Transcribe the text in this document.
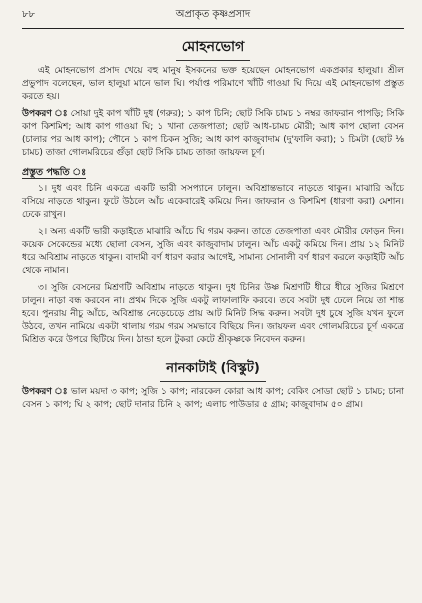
৮৮	অপ্রাকৃত কৃষ্ণপ্রসাদ
মোহনভোগ

এই মোহনভোগ প্রসাদ খেয়ে বহু মানুষ ইসকনের ভক্ত হয়েছেন মোহনভোগ একপ্রকার হালুয়া। শ্রীল প্রভুপাদ বলেছেন, ভাল হালুয়া মানে ভাল ঘি। পর্যাপ্ত পরিমাণে খাঁটি গাওয়া ঘি দিয়ে এই মোহনভোগ প্রস্তুত করতে হয়।

উপকরণ ঃ সোয়া দুই কাপ খাঁটি দুধ (গরুর); ১ কাপ চিনি; ছোট সিকি চামচ ১ নম্বর জাফরান পাপড়ি; সিকি কাপ কিশমিশ; আধ কাপ গাওয়া ঘি; ১ খানা তেজপাতা; ছোট আধ-চামচ মৌরী; আধ কাপ ছোলা বেসন (চালার পর আধ কাপ); পৌনে ১ কাপ চিকন সুজি; আধ কাপ কাজুবাদাম (দু'ফালি করা); ১ চিমটা (ছোট ⅛ চামচ) তাজা গোলমরিচের গুঁড়া ছোট সিকি চামচ তাজা জায়ফল চূর্ণ।

প্রস্তুত পদ্ধতি ঃ

১। দুধ এবং চিনি একত্রে একটি ভারী সসপ্যানে ঢালুন। অবিশ্রান্তভাবে নাড়তে থাকুন। মাঝারি আঁচে বসিয়ে নাড়তে থাকুন। ফুটে উঠলে আঁচ একেবারেই কমিয়ে দিন। জাফরান ও কিশমিশ (ধারণা করা) মেশান। ঢেকে রাখুন।

২। অন্য একটি ভারী কড়াইতে মাঝারি আঁচে ঘি গরম করুন। তাতে তেজপাতা এবং মৌরীর ফোড়ন দিন। কয়েক সেকেন্ডের মধ্যে ছোলা বেসন, সুজি এবং কাজুবাদাম ঢালুন। আঁচ একটু কমিয়ে দিন। প্রায় ১২ মিনিট ধরে অবিশ্রাম নাড়তে থাকুন। বাদামী বর্ণ ধারণ করার আগেই, সামান্য সোনালী বর্ণ ধারণ করলে কড়াইটি আঁচ থেকে নামান।

৩। সুজি বেসনের মিশ্রণটি অবিশ্রাম নাড়তে থাকুন। দুধ চিনির উষ্ণ মিশ্রণটি ধীরে ধীরে সুজির মিশ্রণে ঢালুন। নাড়া বন্ধ করবেন না। প্রথম দিকে সুজি একটু লাফালাফি করবে। তবে সবটা দুধ ঢেলে নিয়ে তা শান্ত হবে। পুনরায় নীচু আঁচে, অবিশ্রান্ত নেড়েচেড়ে প্রায় আট মিনিট সিদ্ধ করুন। সবটা দুধ চুষে সুজি যখন ফুলে উঠবে, তখন নামিয়ে একটা থালায় গরম গরম সমভাবে বিছিয়ে দিন। জায়ফল এবং গোলমরিচের চূর্ণ একত্রে মিশ্রিত করে উপরে ছিটিয়ে দিন। ঠান্ডা হলে টুকরা কেটে শ্রীকৃষ্ণকে নিবেদন করুন।

নানকাটাই (বিস্কুট)

উপকরণ ঃ ভাল ময়দা ৩ কাপ; সুজি ১ কাপ; নারকেল কোরা আধ কাপ; বেকিং সোডা ছোট ১ চামচ; চানা বেসন ১ কাপ; ঘি ২ কাপ; ছোট দানার চিনি ২ কাপ; এলাচ পাউডার ৫ গ্রাম; কাজুবাদাম ৫০ গ্রাম।
